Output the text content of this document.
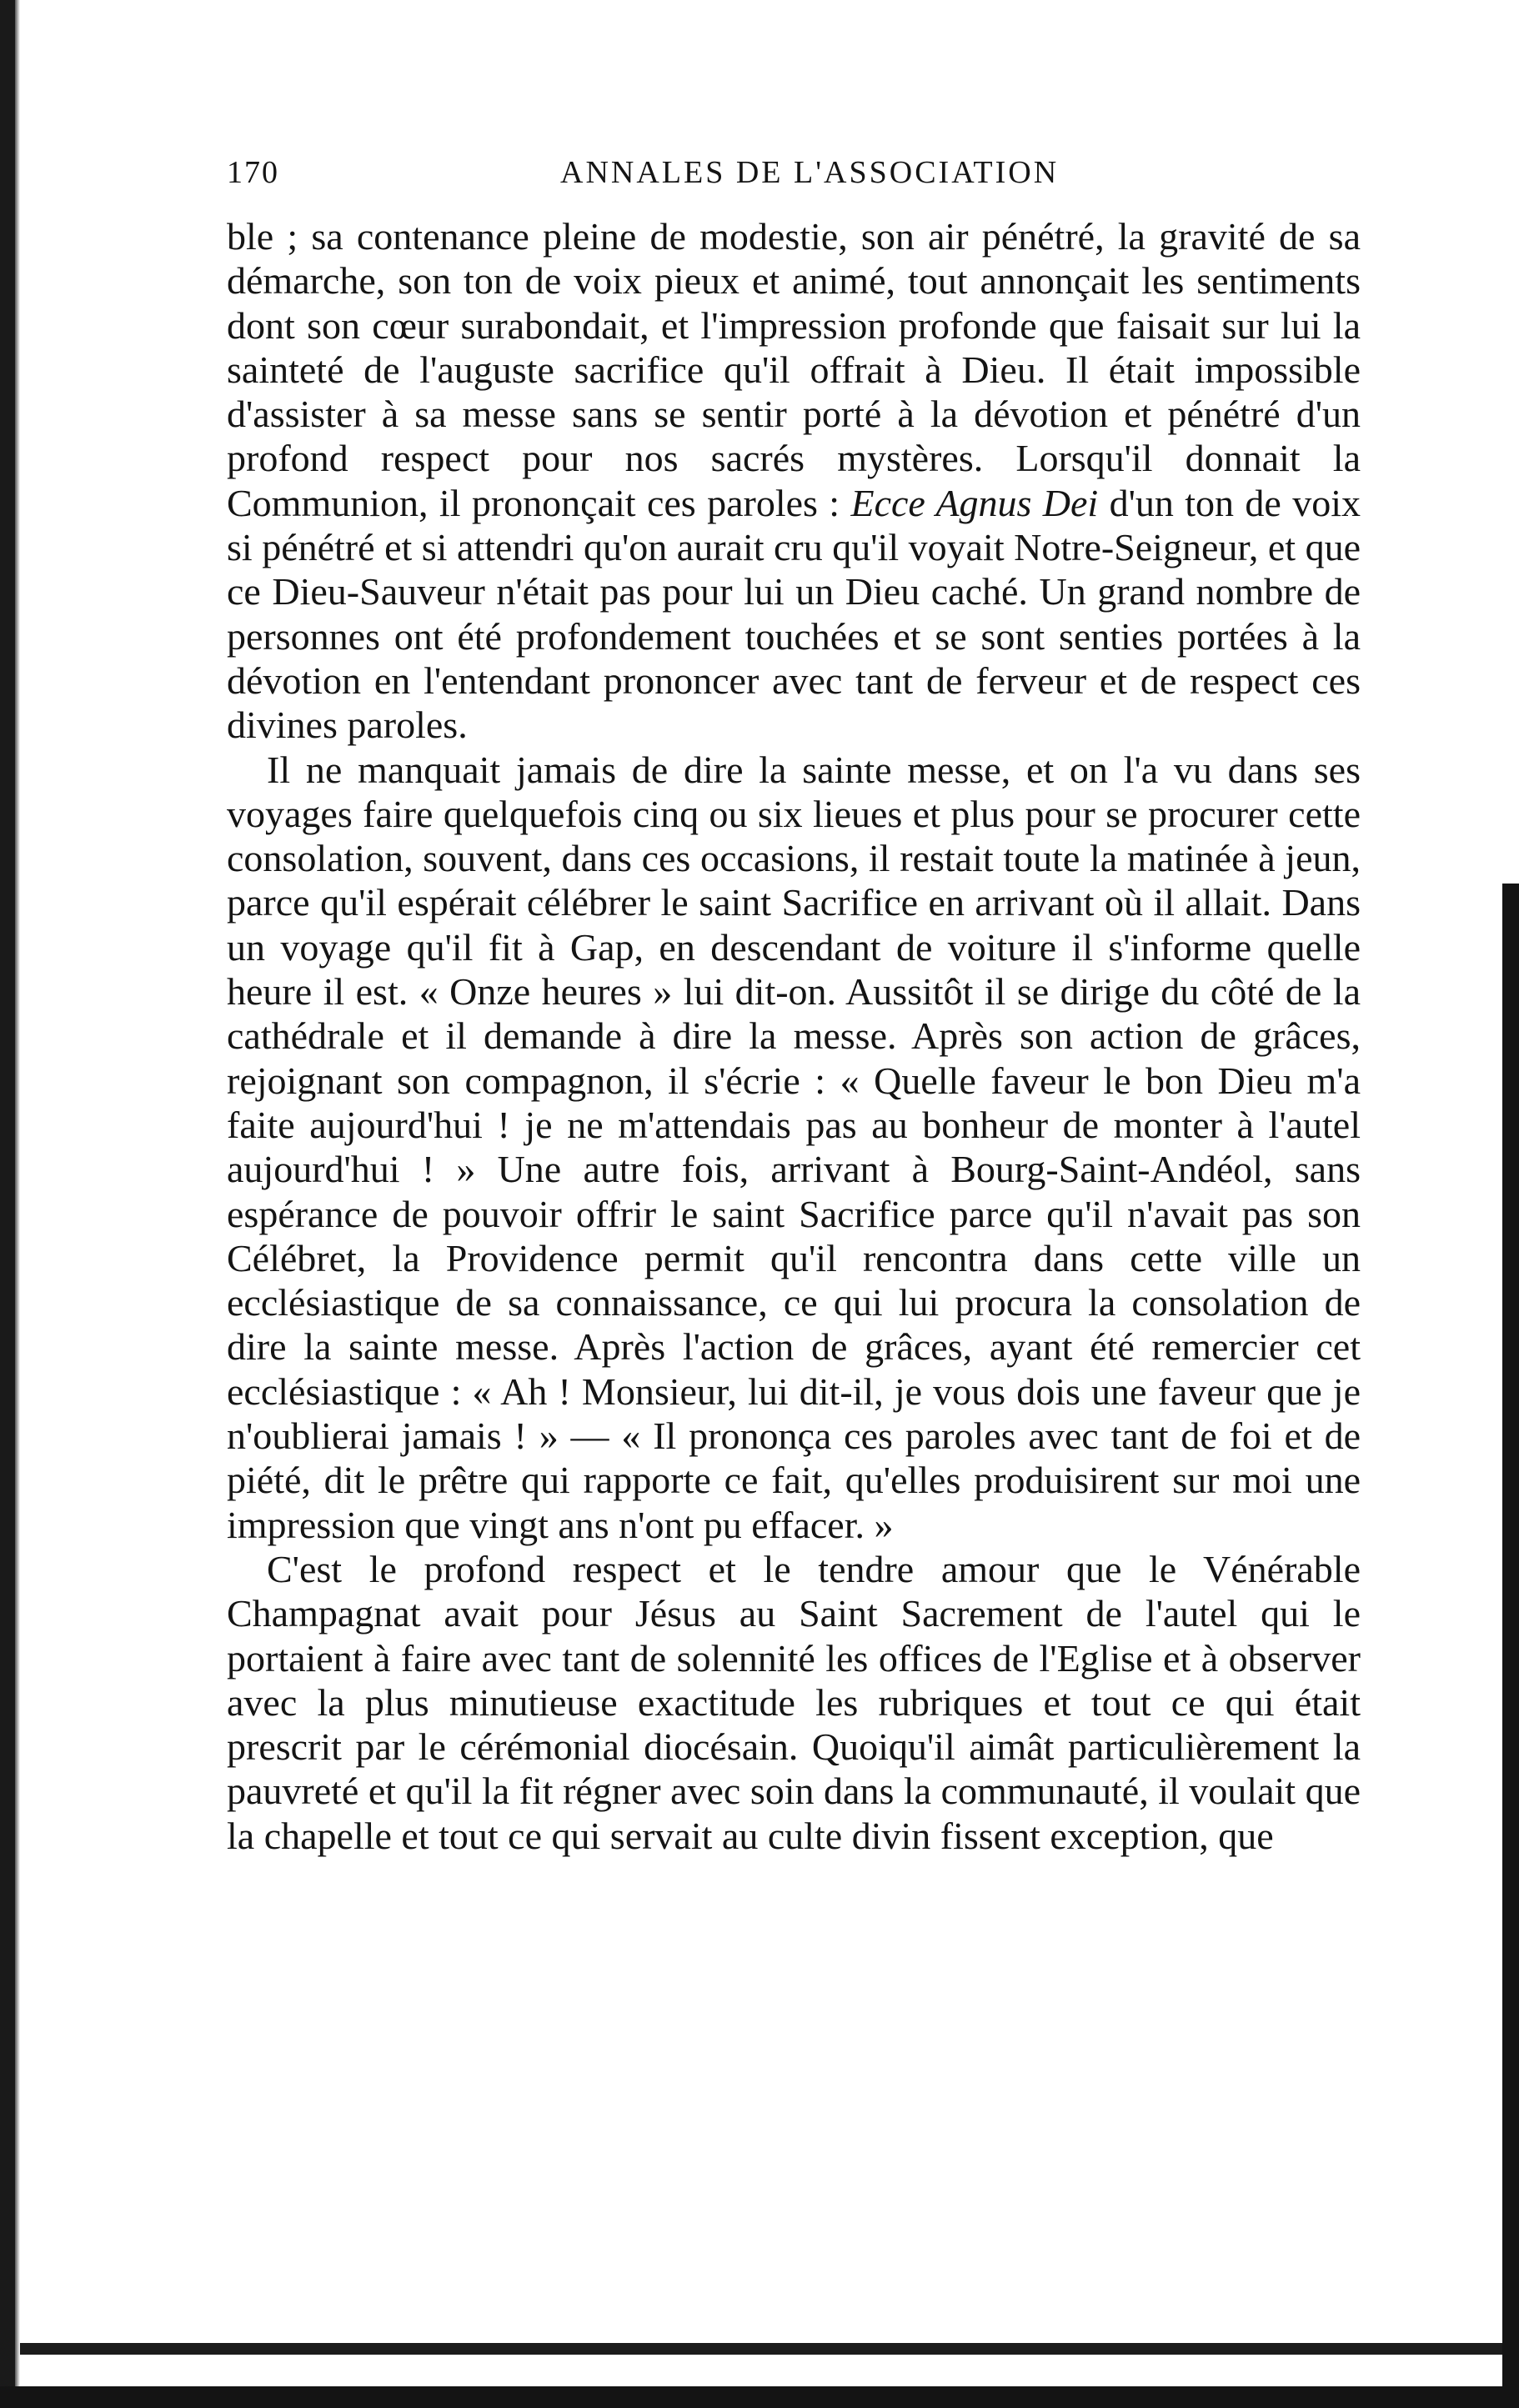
170	ANNALES DE L'ASSOCIATION

ble ; sa contenance pleine de modestie, son air pénétré, la gravité de sa démarche, son ton de voix pieux et animé, tout annonçait les sentiments dont son cœur surabondait, et l'impression profonde que faisait sur lui la sainteté de l'auguste sacrifice qu'il offrait à Dieu. Il était impossible d'assister à sa messe sans se sentir porté à la dévotion et pénétré d'un profond respect pour nos sacrés mystères. Lorsqu'il donnait la Communion, il prononçait ces paroles : Ecce Agnus Dei d'un ton de voix si pénétré et si attendri qu'on aurait cru qu'il voyait Notre-Seigneur, et que ce Dieu-Sauveur n'était pas pour lui un Dieu caché. Un grand nombre de personnes ont été profondement touchées et se sont senties portées à la dévotion en l'entendant prononcer avec tant de ferveur et de respect ces divines paroles.

Il ne manquait jamais de dire la sainte messe, et on l'a vu dans ses voyages faire quelquefois cinq ou six lieues et plus pour se procurer cette consolation, souvent, dans ces occasions, il restait toute la matinée à jeun, parce qu'il espérait célébrer le saint Sacrifice en arrivant où il allait. Dans un voyage qu'il fit à Gap, en descendant de voiture il s'informe quelle heure il est. « Onze heures » lui dit-on. Aussitôt il se dirige du côté de la cathédrale et il demande à dire la messe. Après son action de grâces, rejoignant son compagnon, il s'écrie : « Quelle faveur le bon Dieu m'a faite aujourd'hui ! je ne m'attendais pas au bonheur de monter à l'autel aujourd'hui ! » Une autre fois, arrivant à Bourg-Saint-Andéol, sans espérance de pouvoir offrir le saint Sacrifice parce qu'il n'avait pas son Célébret, la Providence permit qu'il rencontra dans cette ville un ecclésiastique de sa connaissance, ce qui lui procura la consolation de dire la sainte messe. Après l'action de grâces, ayant été remercier cet ecclésiastique : « Ah ! Monsieur, lui dit-il, je vous dois une faveur que je n'oublierai jamais ! » — « Il prononça ces paroles avec tant de foi et de piété, dit le prêtre qui rapporte ce fait, qu'elles produisirent sur moi une impression que vingt ans n'ont pu effacer. »

C'est le profond respect et le tendre amour que le Vénérable Champagnat avait pour Jésus au Saint Sacrement de l'autel qui le portaient à faire avec tant de solennité les offices de l'Eglise et à observer avec la plus minutieuse exactitude les rubriques et tout ce qui était prescrit par le cérémonial diocésain. Quoiqu'il aimât particulièrement la pauvreté et qu'il la fit régner avec soin dans la communauté, il voulait que la chapelle et tout ce qui servait au culte divin fissent exception, que
